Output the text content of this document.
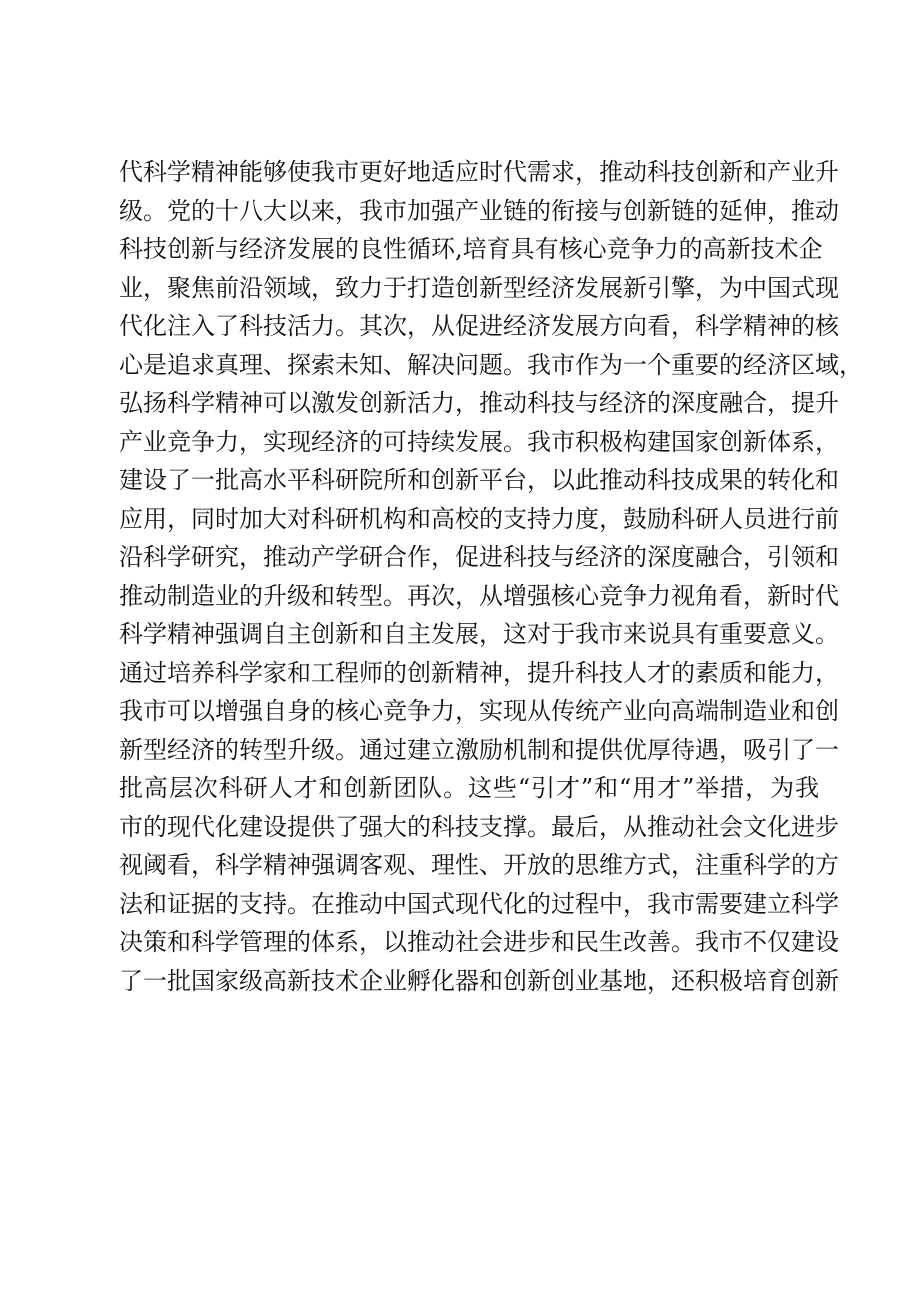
代科学精神能够使我市更好地适应时代需求，推动科技创新和产业升
级。党的十八大以来，我市加强产业链的衔接与创新链的延伸，推动
科技创新与经济发展的良性循环,培育具有核心竞争力的高新技术企
业，聚焦前沿领域，致力于打造创新型经济发展新引擎，为中国式现
代化注入了科技活力。其次，从促进经济发展方向看，科学精神的核
心是追求真理、探索未知、解决问题。我市作为一个重要的经济区域，
弘扬科学精神可以激发创新活力，推动科技与经济的深度融合，提升
产业竞争力，实现经济的可持续发展。我市积极构建国家创新体系，
建设了一批高水平科研院所和创新平台，以此推动科技成果的转化和
应用，同时加大对科研机构和高校的支持力度，鼓励科研人员进行前
沿科学研究，推动产学研合作，促进科技与经济的深度融合，引领和
推动制造业的升级和转型。再次，从增强核心竞争力视角看，新时代
科学精神强调自主创新和自主发展，这对于我市来说具有重要意义。
通过培养科学家和工程师的创新精神，提升科技人才的素质和能力，
我市可以增强自身的核心竞争力，实现从传统产业向高端制造业和创
新型经济的转型升级。通过建立激励机制和提供优厚待遇，吸引了一
批高层次科研人才和创新团队。这些“引才”和“用才”举措，为我
市的现代化建设提供了强大的科技支撑。最后，从推动社会文化进步
视阈看，科学精神强调客观、理性、开放的思维方式，注重科学的方
法和证据的支持。在推动中国式现代化的过程中，我市需要建立科学
决策和科学管理的体系，以推动社会进步和民生改善。我市不仅建设
了一批国家级高新技术企业孵化器和创新创业基地，还积极培育创新
